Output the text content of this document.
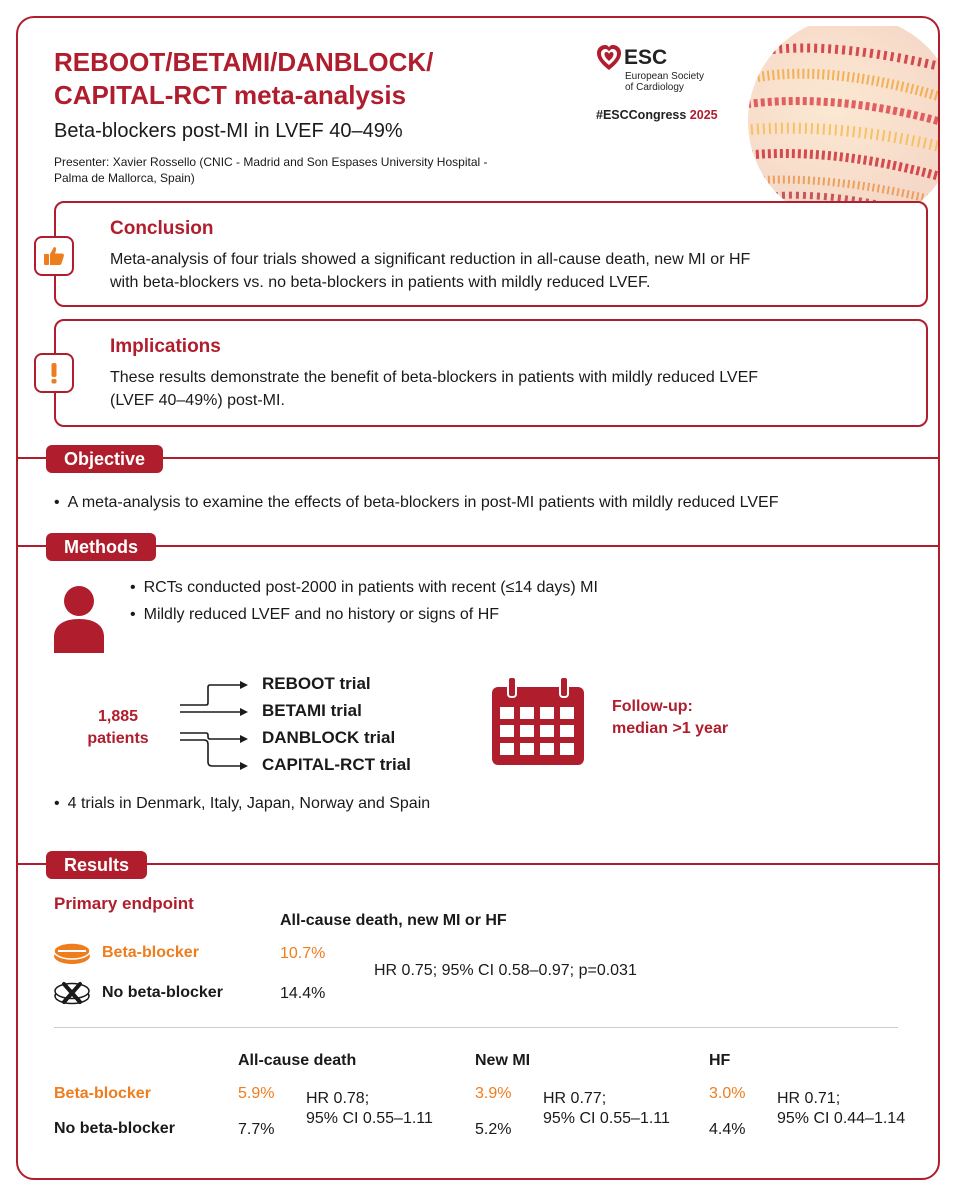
REBOOT/BETAMI/DANBLOCK/
CAPITAL-RCT meta-analysis
Beta-blockers post-MI in LVEF 40–49%
Presenter: Xavier Rossello (CNIC - Madrid and Son Espases University Hospital -
Palma de Mallorca, Spain)
ESC
European Society
of Cardiology
#ESCCongress 2025
Conclusion
Meta-analysis of four trials showed a significant reduction in all-cause death, new MI or HF
with beta-blockers vs. no beta-blockers in patients with mildly reduced LVEF.
Implications
These results demonstrate the benefit of beta-blockers in patients with mildly reduced LVEF
(LVEF 40–49%) post-MI.
Objective
• A meta-analysis to examine the effects of beta-blockers in post-MI patients with mildly reduced LVEF
Methods
• RCTs conducted post-2000 in patients with recent (≤14 days) MI
• Mildly reduced LVEF and no history or signs of HF
1,885
patients
REBOOT trial
BETAMI trial
DANBLOCK trial
CAPITAL-RCT trial
Follow-up:
median >1 year
• 4 trials in Denmark, Italy, Japan, Norway and Spain
Results
Primary endpoint
All-cause death, new MI or HF
Beta-blocker	10.7%
HR 0.75; 95% CI 0.58–0.97; p=0.031
No beta-blocker	14.4%
Beta-blocker
No beta-blocker
All-cause death
5.9%
7.7%
HR 0.78;
95% CI 0.55–1.11
New MI
3.9%
5.2%
HR 0.77;
95% CI 0.55–1.11
HF
3.0%
4.4%
HR 0.71;
95% CI 0.44–1.14
